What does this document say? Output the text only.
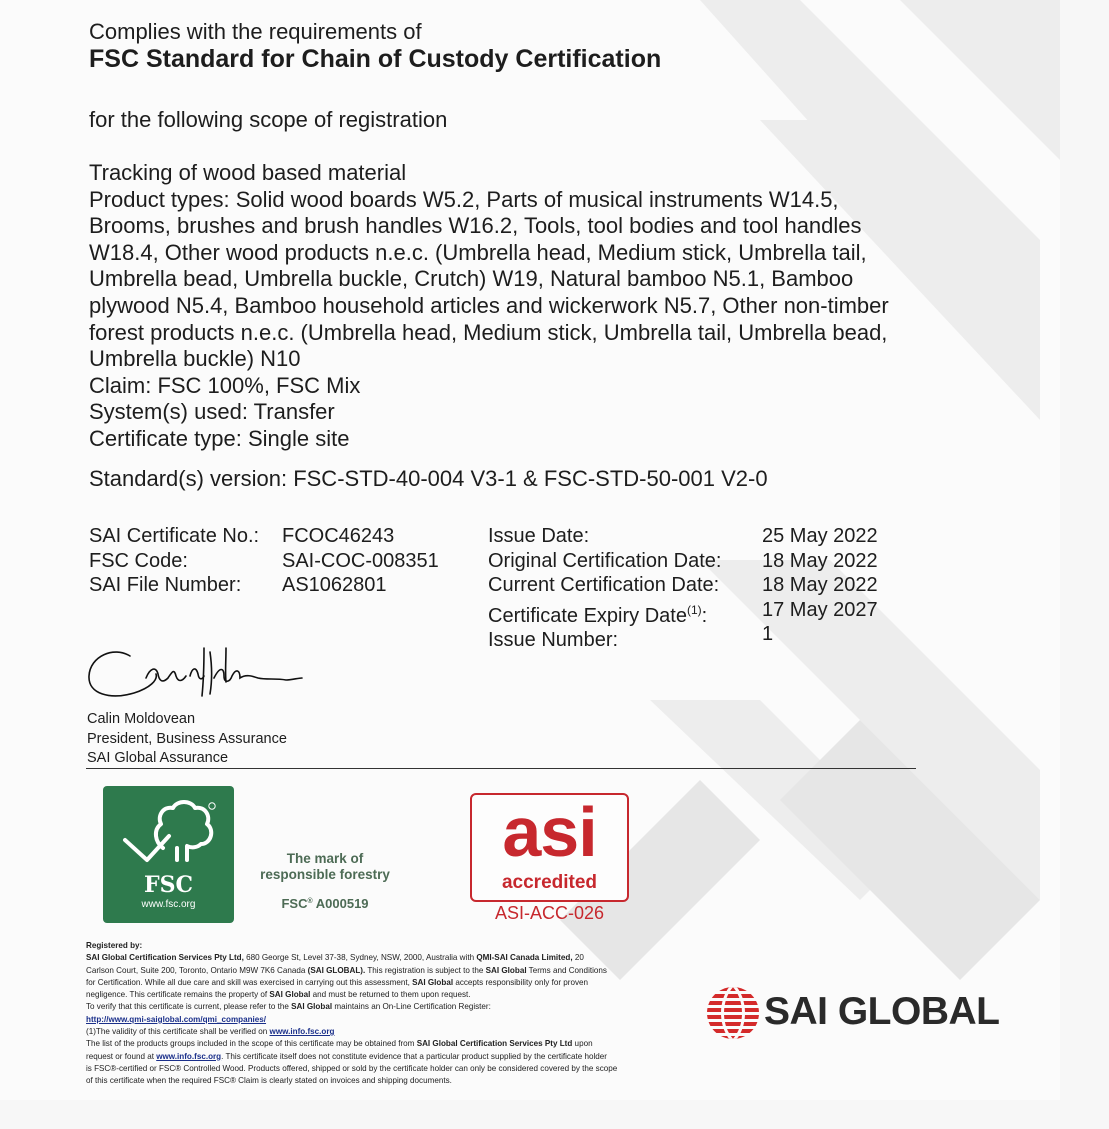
Complies with the requirements of
FSC Standard for Chain of Custody Certification
for the following scope of registration
Tracking of wood based material
Product types: Solid wood boards W5.2, Parts of musical instruments W14.5,
Brooms, brushes and brush handles W16.2, Tools, tool bodies and tool handles
W18.4, Other wood products n.e.c. (Umbrella head, Medium stick, Umbrella tail,
Umbrella bead, Umbrella buckle, Crutch) W19, Natural bamboo N5.1, Bamboo
plywood N5.4, Bamboo household articles and wickerwork N5.7, Other non-timber
forest products n.e.c. (Umbrella head, Medium stick, Umbrella tail, Umbrella bead,
Umbrella buckle) N10
Claim: FSC 100%, FSC Mix
System(s) used: Transfer
Certificate type: Single site
Standard(s) version: FSC-STD-40-004 V3-1 & FSC-STD-50-001 V2-0
SAI Certificate No.:
FSC Code:
SAI File Number:
FCOC46243
SAI-COC-008351
AS1062801
Issue Date:
Original Certification Date:
Current Certification Date:
Certificate Expiry Date$^{(1)}$:
Issue Number:
25 May 2022
18 May 2022
18 May 2022
17 May 2027
1
Calin Moldovean
President, Business Assurance
SAI Global Assurance
FSC
www.fsc.org
The mark of
responsible forestry
FSC® A000519
asi
accredited
ASI-ACC-026
Registered by:
SAI Global Certification Services Pty Ltd, 680 George St, Level 37-38, Sydney, NSW, 2000, Australia with QMI-SAI Canada Limited, 20
Carlson Court, Suite 200, Toronto, Ontario M9W 7K6 Canada (SAI GLOBAL). This registration is subject to the SAI Global Terms and Conditions
for Certification. While all due care and skill was exercised in carrying out this assessment, SAI Global accepts responsibility only for proven
negligence. This certificate remains the property of SAI Global and must be returned to them upon request.
To verify that this certificate is current, please refer to the SAI Global maintains an On-Line Certification Register:
http://www.qmi-saiglobal.com/qmi_companies/
(1)The validity of this certificate shall be verified on www.info.fsc.org
The list of the products groups included in the scope of this certificate may be obtained from SAI Global Certification Services Pty Ltd upon
request or found at www.info.fsc.org. This certificate itself does not constitute evidence that a particular product supplied by the certificate holder
is FSC®-certified or FSC® Controlled Wood. Products offered, shipped or sold by the certificate holder can only be considered covered by the scope
of this certificate when the required FSC® Claim is clearly stated on invoices and shipping documents.
SAI GLOBAL
